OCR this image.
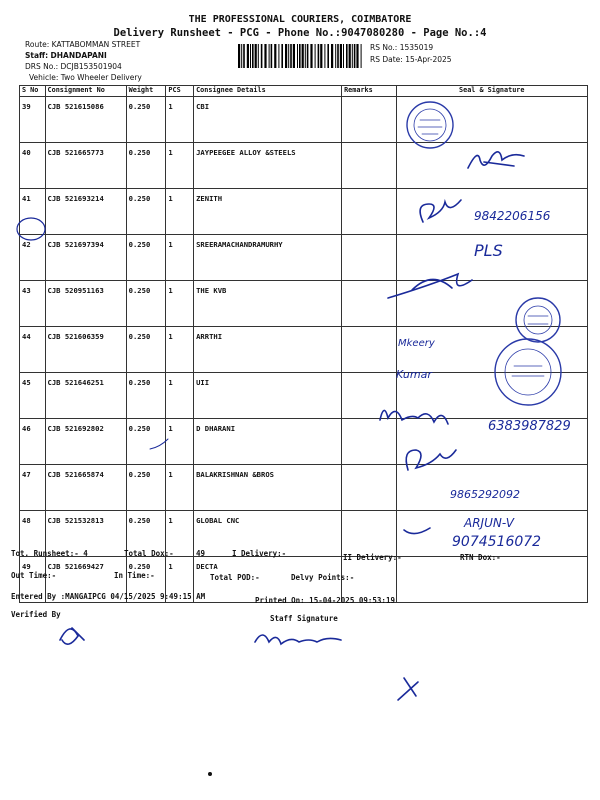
THE PROFESSIONAL COURIERS, COIMBATORE
Delivery Runsheet - PCG - Phone No.:9047080280 - Page No.:4
Route: KATTABOMMAN STREET
Staff: DHANDAPANI
DRS No.: DCJB153501904
Vehicle: Two Wheeler Delivery
RS No.: 1535019
RS Date: 15-Apr-2025
S No	Consignment No	Weight	PCS	Consignee Details	Remarks	Seal & Signature
39	CJB 521615086	0.250	1	CBI		
40	CJB 521665773	0.250	1	JAYPEEGEE ALLOY &STEELS		
41	CJB 521693214	0.250	1	ZENITH		
42	CJB 521697394	0.250	1	SREERAMACHANDRAMURHY		
43	CJB 520951163	0.250	1	THE KVB		
44	CJB 521606359	0.250	1	ARRTHI		
45	CJB 521646251	0.250	1	UII		
46	CJB 521692802	0.250	1	D DHARANI		
47	CJB 521665874	0.250	1	BALAKRISHNAN &BROS		
48	CJB 521532813	0.250	1	GLOBAL CNC		
49	CJB 521669427	0.250	1	DECTA		
Tot. Runsheet:- 4	Total Dox:-	49	I Delivery:-	II Delivery:-	RTN Dox:-
Out Time:-	In Time:-	Total POD:-	Delvy Points:-
Entered By :MANGAIPCG 04/15/2025 9:49:15 AM	Printed On: 15-04-2025 09:53:19
Verified By	Staff Signature
9842206156
PLS
Mkeery
Kumar
6383987829
9865292092
ARJUN-V
9074516072
